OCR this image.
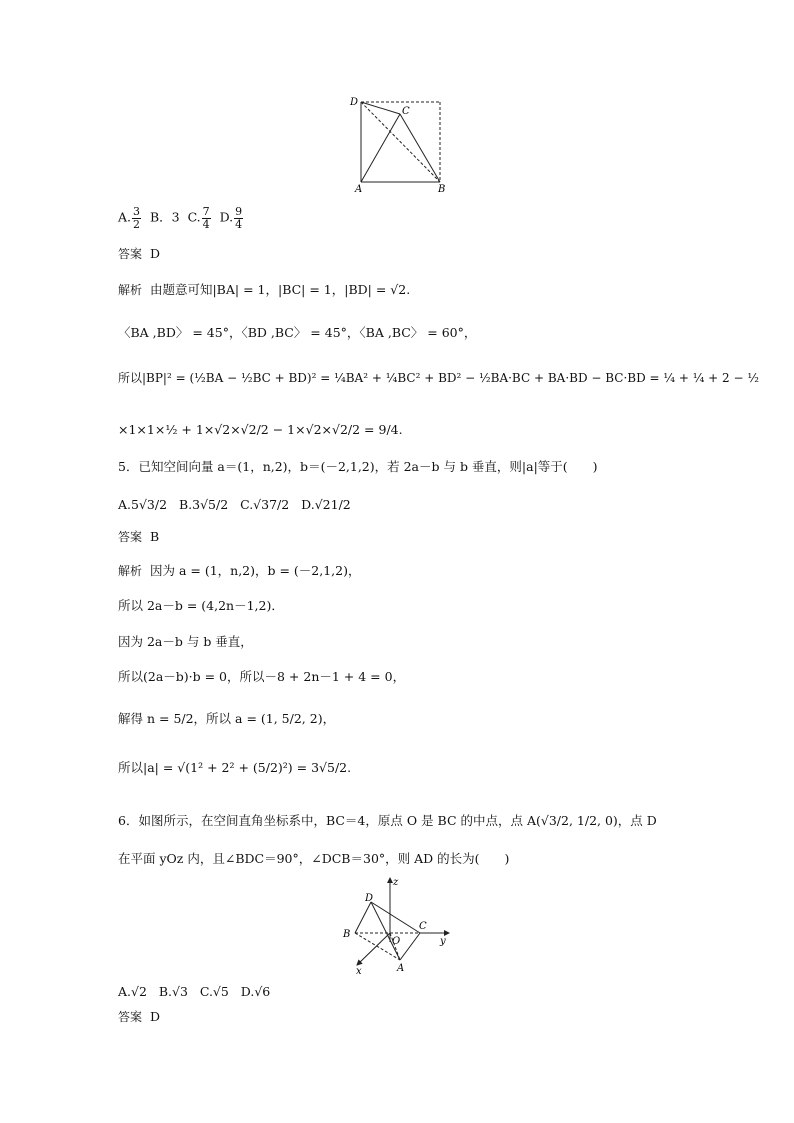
D
C
A	B
A. $\frac{3}{2}$ B．3 C. $\frac{7}{4} D$. $\frac{9}{4}$
答案 D
解析 由题意可知|BA| = 1，|BC| = 1，|BD| = √2.
〈BA ,BD〉 = 45°，〈BD ,BC〉 = 45°，〈BA ,BC〉 = 60°，
所以|BP|² = (½BA − ½BC + BD)² = ¼BA² + ¼BC² + BD² − ½BA·BC + BA·BD − BC·BD = ¼ + ¼ + 2 − ½
×1×1×½ + 1×√2×√2/2 − 1×√2×√2/2 = 9/4.
5．已知空间向量 a＝(1，n,2)，b＝(－2,1,2)，若 2a－b 与 b 垂直，则|a|等于(　　)
A.5√3/2 B.3√5/2 C.√37/2 D.√21/2
答案 B
解析 因为 a = (1，n,2)，b = (－2,1,2)，
所以 2a－b = (4,2n－1,2)．
因为 2a－b 与 b 垂直，
所以(2a－b)·b = 0，所以－8 + 2n－1 + 4 = 0，
解得 n = 5/2，所以 a = (1, 5/2, 2)，
所以|a| = √(1² + 2² + (5/2)²) = 3√5/2.
6．如图所示，在空间直角坐标系中，BC＝4，原点 O 是 BC 的中点，点 A(√3/2, 1/2, 0)，点 D
在平面 yOz 内，且∠BDC＝90°，∠DCB＝30°，则 AD 的长为(　　)
z
D
B
O
C
y
x	A
A.√2 B.√3 C.√5 D.√6
答案 D
